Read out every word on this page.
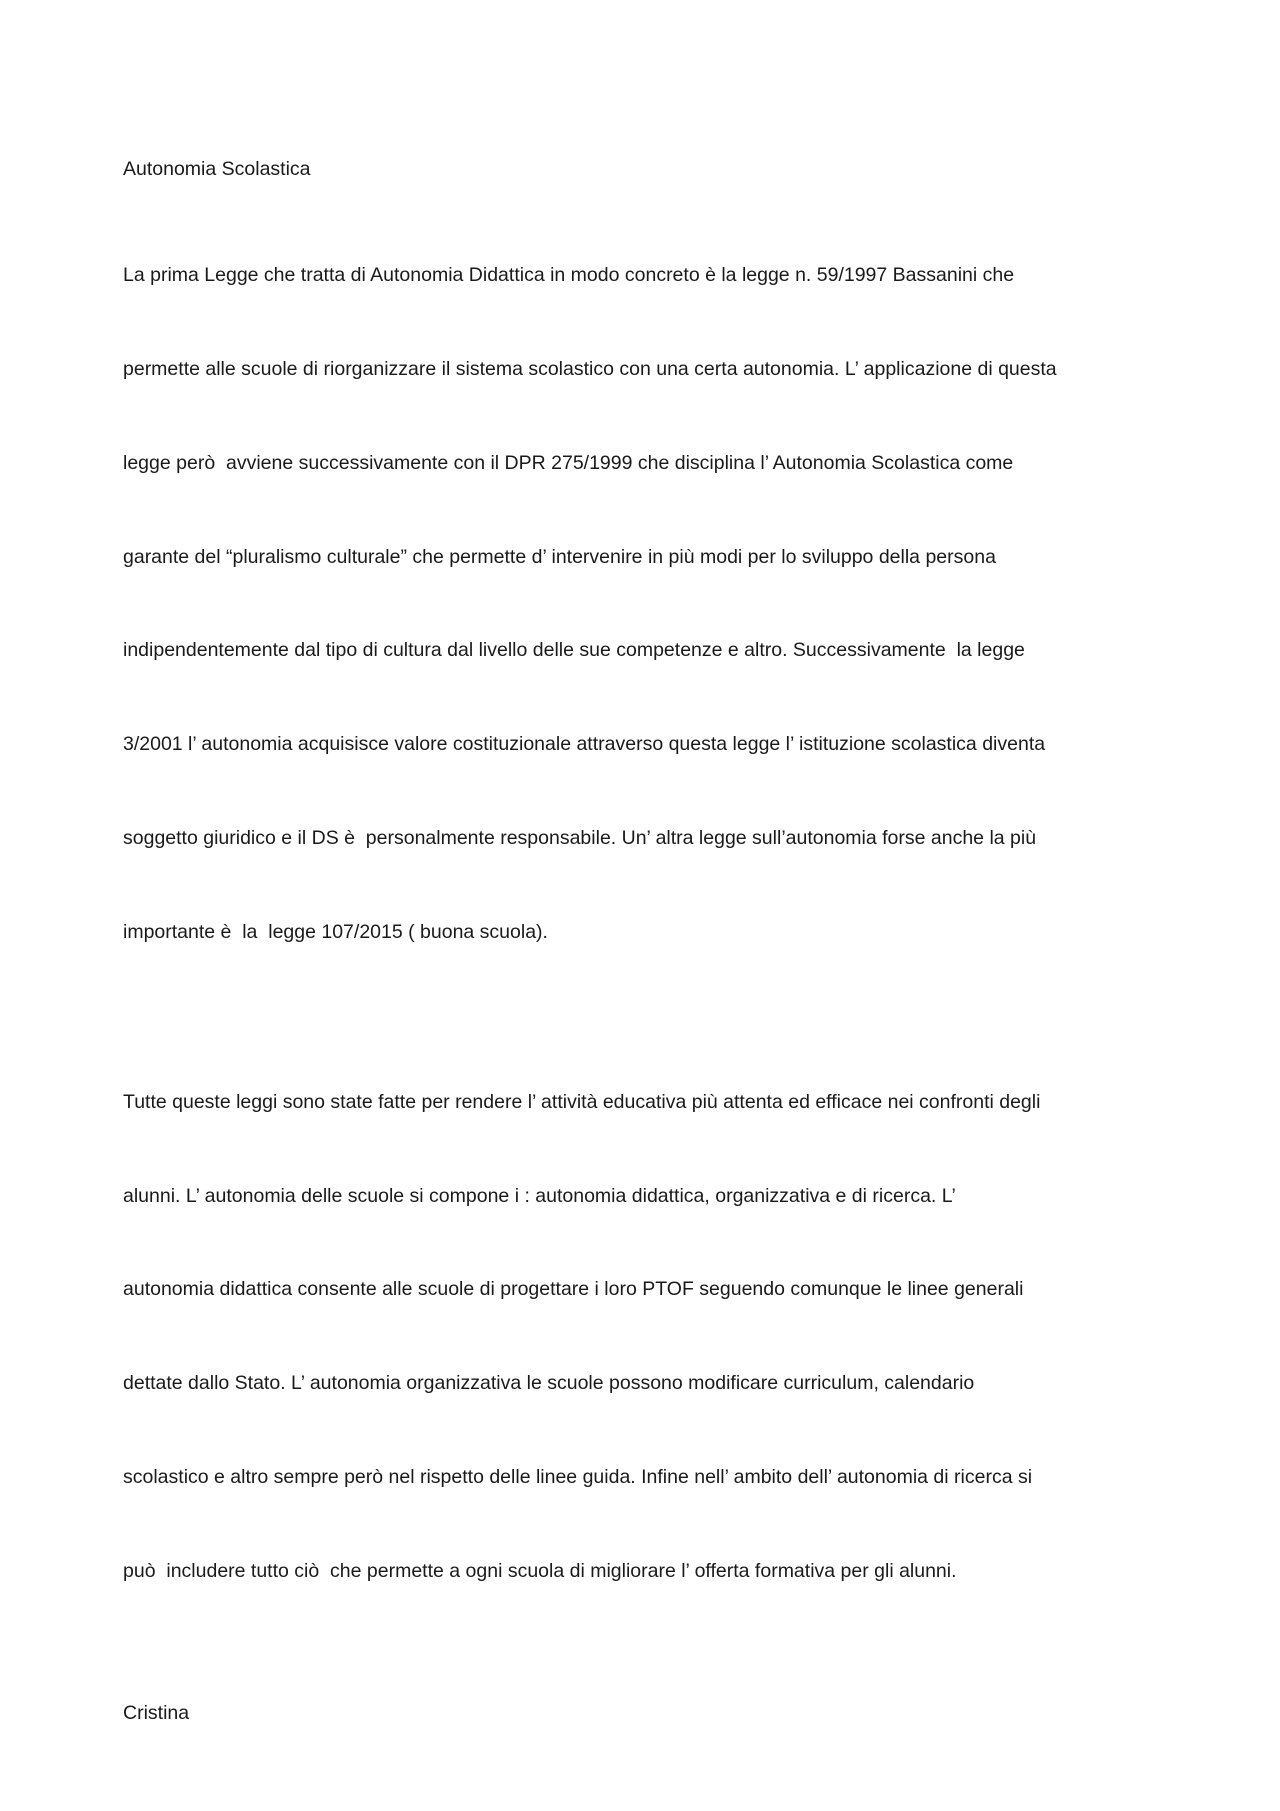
Autonomia Scolastica

La prima Legge che tratta di Autonomia Didattica in modo concreto è la legge n. 59/1997 Bassanini che

permette alle scuole di riorganizzare il sistema scolastico con una certa autonomia. L’ applicazione di questa

legge però  avviene successivamente con il DPR 275/1999 che disciplina l’ Autonomia Scolastica come

garante del “pluralismo culturale” che permette d’ intervenire in più modi per lo sviluppo della persona

indipendentemente dal tipo di cultura dal livello delle sue competenze e altro. Successivamente  la legge

3/2001 l’ autonomia acquisisce valore costituzionale attraverso questa legge l’ istituzione scolastica diventa

soggetto giuridico e il DS è  personalmente responsabile. Un’ altra legge sull’autonomia forse anche la più

importante è  la  legge 107/2015 ( buona scuola).

Tutte queste leggi sono state fatte per rendere l’ attività educativa più attenta ed efficace nei confronti degli

alunni. L’ autonomia delle scuole si compone i : autonomia didattica, organizzativa e di ricerca. L’

autonomia didattica consente alle scuole di progettare i loro PTOF seguendo comunque le linee generali

dettate dallo Stato. L’ autonomia organizzativa le scuole possono modificare curriculum, calendario

scolastico e altro sempre però nel rispetto delle linee guida. Infine nell’ ambito dell’ autonomia di ricerca si

può  includere tutto ciò  che permette a ogni scuola di migliorare l’ offerta formativa per gli alunni.

Cristina
